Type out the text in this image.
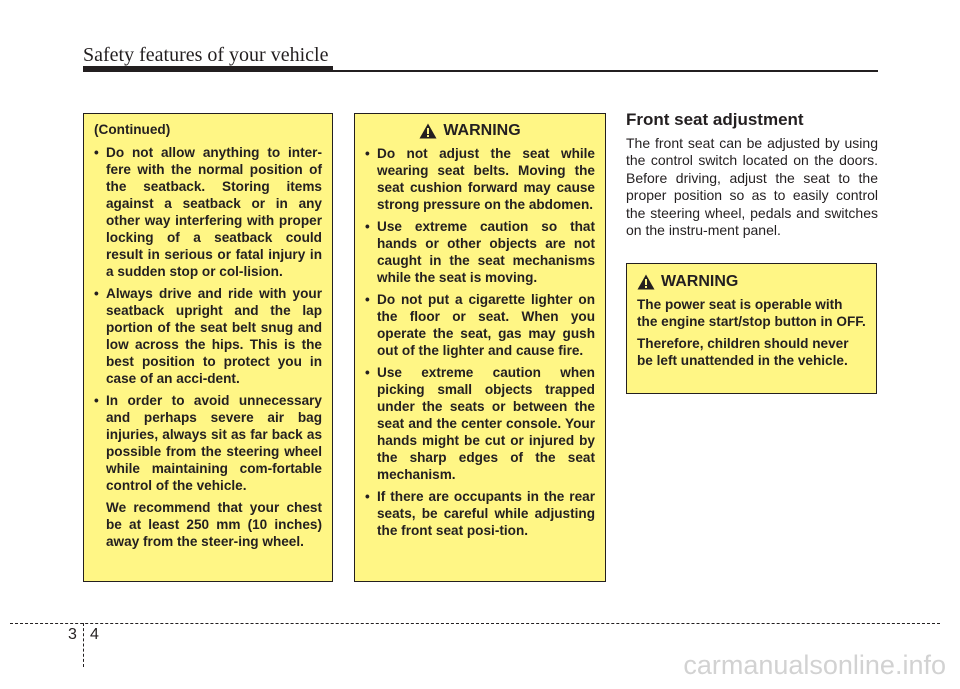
Safety features of your vehicle
(Continued)
• Do not allow anything to inter-fere with the normal position of the seatback. Storing items against a seatback or in any other way interfering with proper locking of a seatback could result in serious or fatal injury in a sudden stop or col-lision.
• Always drive and ride with your seatback upright and the lap portion of the seat belt snug and low across the hips. This is the best position to protect you in case of an acci-dent.
• In order to avoid unnecessary and perhaps severe air bag injuries, always sit as far back as possible from the steering wheel while maintaining com-fortable control of the vehicle.
We recommend that your chest be at least 250 mm (10 inches) away from the steer-ing wheel.
WARNING
• Do not adjust the seat while wearing seat belts. Moving the seat cushion forward may cause strong pressure on the abdomen.
• Use extreme caution so that hands or other objects are not caught in the seat mechanisms while the seat is moving.
• Do not put a cigarette lighter on the floor or seat. When you operate the seat, gas may gush out of the lighter and cause fire.
• Use extreme caution when picking small objects trapped under the seats or between the seat and the center console. Your hands might be cut or injured by the sharp edges of the seat mechanism.
• If there are occupants in the rear seats, be careful while adjusting the front seat posi-tion.
Front seat adjustment
The front seat can be adjusted by using the control switch located on the doors. Before driving, adjust the seat to the proper position so as to easily control the steering wheel, pedals and switches on the instru-ment panel.
WARNING
The power seat is operable with the engine start/stop button in OFF.
Therefore, children should never be left unattended in the vehicle.
3 4
carmanualsonline.info
